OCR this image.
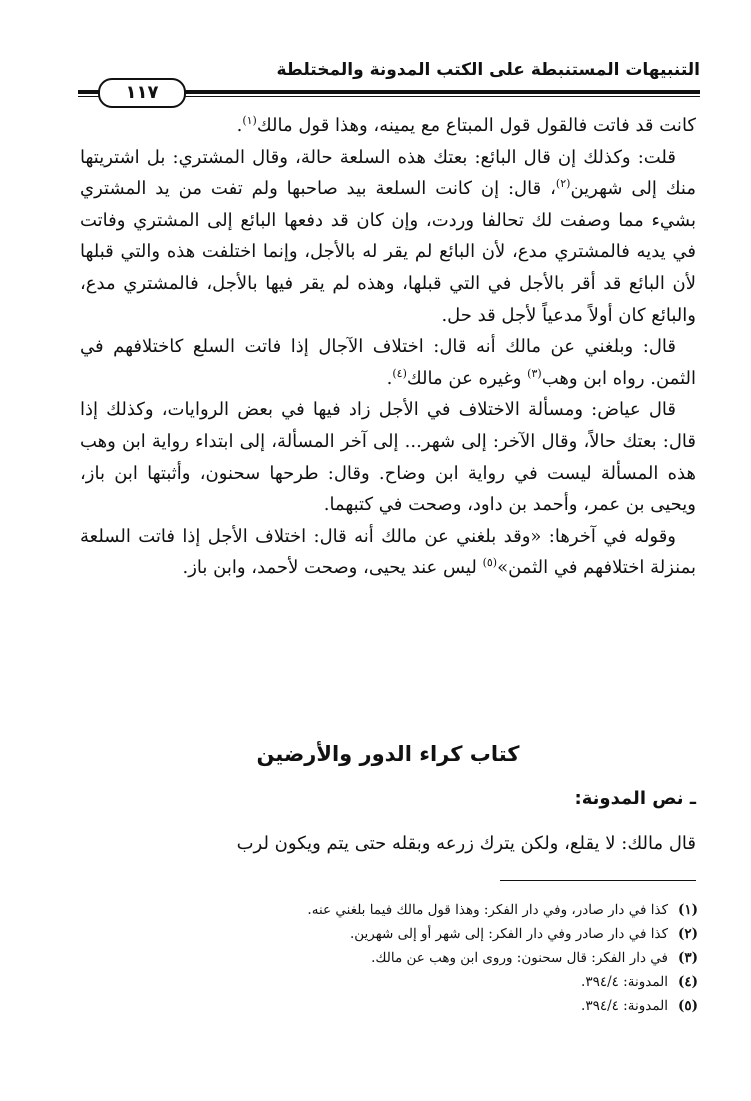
التنبيهات المستنبطة على الكتب المدونة والمختلطة
١١٧

كانت قد فاتت فالقول قول المبتاع مع يمينه، وهذا قول مالك$^{(١)}$.

قلت: وكذلك إن قال البائع: بعتك هذه السلعة حالة، وقال المشتري: بل اشتريتها منك إلى شهرين$^{(٢)}$، قال: إن كانت السلعة بيد صاحبها ولم تفت من يد المشتري بشيء مما وصفت لك تحالفا وردت، وإن كان قد دفعها البائع إلى المشتري وفاتت في يديه فالمشتري مدع، لأن البائع لم يقر له بالأجل، وإنما اختلفت هذه والتي قبلها لأن البائع قد أقر بالأجل في التي قبلها، وهذه لم يقر فيها بالأجل، فالمشتري مدع، والبائع كان أولاً مدعياً لأجل قد حل.

قال: وبلغني عن مالك أنه قال: اختلاف الآجال إذا فاتت السلع كاختلافهم في الثمن. رواه ابن وهب$^{(٣)}$ وغيره عن مالك$^{(٤)}$.

قال عياض: ومسألة الاختلاف في الأجل زاد فيها في بعض الروايات، وكذلك إذا قال: بعتك حالاً، وقال الآخر: إلى شهر... إلى آخر المسألة، إلى ابتداء رواية ابن وهب هذه المسألة ليست في رواية ابن وضاح. وقال: طرحها سحنون، وأثبتها ابن باز، ويحيى بن عمر، وأحمد بن داود، وصحت في كتبهما.

وقوله في آخرها: «وقد بلغني عن مالك أنه قال: اختلاف الأجل إذا فاتت السلعة بمنزلة اختلافهم في الثمن»$^{(٥)}$ ليس عند يحيى، وصحت لأحمد، وابن باز.

كتاب كراء الدور والأرضين
ـ نص المدونة:
قال مالك: لا يقلع، ولكن يترك زرعه وبقله حتى يتم ويكون لرب
(١)
كذا في دار صادر، وفي دار الفكر: وهذا قول مالك فيما بلغني عنه.
(٢)
كذا في دار صادر وفي دار الفكر: إلى شهر أو إلى شهرين.
(٣)
في دار الفكر: قال سحنون: وروى ابن وهب عن مالك.
(٤)
المدونة: ٣٩٤/٤.
(٥)
المدونة: ٣٩٤/٤.
